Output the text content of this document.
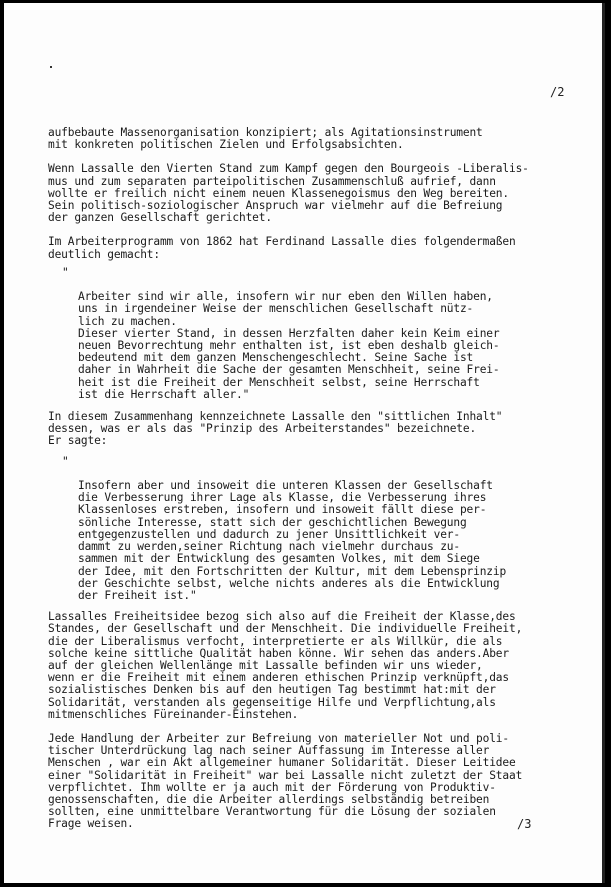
/2

aufbebaute Massenorganisation konzipiert; als Agitationsinstrument
mit konkreten politischen Zielen und Erfolgsabsichten.

Wenn Lassalle den Vierten Stand zum Kampf gegen den Bourgeois -Liberalis-
mus und zum separaten parteipolitischen Zusammenschluß aufrief, dann
wollte er freilich nicht einem neuen Klassenegoismus den Weg bereiten.
Sein politisch-soziologischer Anspruch war vielmehr auf die Befreiung
der ganzen Gesellschaft gerichtet.

Im Arbeiterprogramm von 1862 hat Ferdinand Lassalle dies folgendermaßen
deutlich gemacht:

"

Arbeiter sind wir alle, insofern wir nur eben den Willen haben,
uns in irgendeiner Weise der menschlichen Gesellschaft nütz-
lich zu machen.
Dieser vierter Stand, in dessen Herzfalten daher kein Keim einer
neuen Bevorrechtung mehr enthalten ist, ist eben deshalb gleich-
bedeutend mit dem ganzen Menschengeschlecht. Seine Sache ist
daher in Wahrheit die Sache der gesamten Menschheit, seine Frei-
heit ist die Freiheit der Menschheit selbst, seine Herrschaft
ist die Herrschaft aller."

In diesem Zusammenhang kennzeichnete Lassalle den "sittlichen Inhalt"
dessen, was er als das "Prinzip des Arbeiterstandes" bezeichnete.
Er sagte:

"

Insofern aber und insoweit die unteren Klassen der Gesellschaft
die Verbesserung ihrer Lage als Klasse, die Verbesserung ihres
Klassenloses erstreben, insofern und insoweit fällt diese per-
sönliche Interesse, statt sich der geschichtlichen Bewegung
entgegenzustellen und dadurch zu jener Unsittlichkeit ver-
dammt zu werden,seiner Richtung nach vielmehr durchaus zu-
sammen mit der Entwicklung des gesamten Volkes, mit dem Siege
der Idee, mit den Fortschritten der Kultur, mit dem Lebensprinzip
der Geschichte selbst, welche nichts anderes als die Entwicklung
der Freiheit ist."

Lassalles Freiheitsidee bezog sich also auf die Freiheit der Klasse,des
Standes, der Gesellschaft und der Menschheit. Die individuelle Freiheit,
die der Liberalismus verfocht, interpretierte er als Willkür, die als
solche keine sittliche Qualität haben könne. Wir sehen das anders.Aber
auf der gleichen Wellenlänge mit Lassalle befinden wir uns wieder,
wenn er die Freiheit mit einem anderen ethischen Prinzip verknüpft,das
sozialistisches Denken bis auf den heutigen Tag bestimmt hat:mit der
Solidarität, verstanden als gegenseitige Hilfe und Verpflichtung,als
mitmenschliches Füreinander-Einstehen.

Jede Handlung der Arbeiter zur Befreiung von materieller Not und poli-
tischer Unterdrückung lag nach seiner Auffassung im Interesse aller
Menschen , war ein Akt allgemeiner humaner Solidarität. Dieser Leitidee
einer "Solidarität in Freiheit" war bei Lassalle nicht zuletzt der Staat
verpflichtet. Ihm wollte er ja auch mit der Förderung von Produktiv-
genossenschaften, die die Arbeiter allerdings selbständig betreiben
sollten, eine unmittelbare Verantwortung für die Lösung der sozialen
Frage weisen.	/3
